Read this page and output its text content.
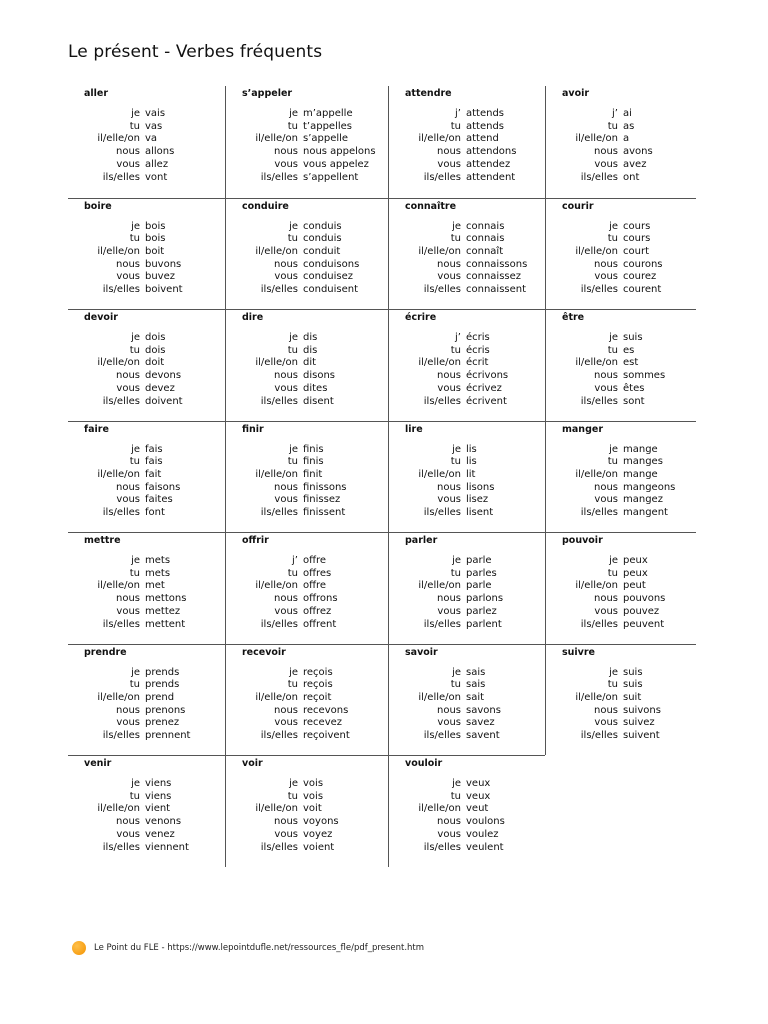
Le présent - Verbes fréquents
aller
je vais
tu vas
il/elle/on va
nous allons
vous allez
ils/elles vont
s’appeler
je m’appelle
tu t’appelles
il/elle/on s’appelle
nous nous appelons
vous vous appelez
ils/elles s’appellent
attendre
j’ attends
tu attends
il/elle/on attend
nous attendons
vous attendez
ils/elles attendent
avoir
j’ ai
tu as
il/elle/on a
nous avons
vous avez
ils/elles ont
boire
je bois
tu bois
il/elle/on boit
nous buvons
vous buvez
ils/elles boivent
conduire
je conduis
tu conduis
il/elle/on conduit
nous conduisons
vous conduisez
ils/elles conduisent
connaître
je connais
tu connais
il/elle/on connaît
nous connaissons
vous connaissez
ils/elles connaissent
courir
je cours
tu cours
il/elle/on court
nous courons
vous courez
ils/elles courent
devoir
je dois
tu dois
il/elle/on doit
nous devons
vous devez
ils/elles doivent
dire
je dis
tu dis
il/elle/on dit
nous disons
vous dites
ils/elles disent
écrire
j’ écris
tu écris
il/elle/on écrit
nous écrivons
vous écrivez
ils/elles écrivent
être
je suis
tu es
il/elle/on est
nous sommes
vous êtes
ils/elles sont
faire
je fais
tu fais
il/elle/on fait
nous faisons
vous faites
ils/elles font
finir
je finis
tu finis
il/elle/on finit
nous finissons
vous finissez
ils/elles finissent
lire
je lis
tu lis
il/elle/on lit
nous lisons
vous lisez
ils/elles lisent
manger
je mange
tu manges
il/elle/on mange
nous mangeons
vous mangez
ils/elles mangent
mettre
je mets
tu mets
il/elle/on met
nous mettons
vous mettez
ils/elles mettent
offrir
j’ offre
tu offres
il/elle/on offre
nous offrons
vous offrez
ils/elles offrent
parler
je parle
tu parles
il/elle/on parle
nous parlons
vous parlez
ils/elles parlent
pouvoir
je peux
tu peux
il/elle/on peut
nous pouvons
vous pouvez
ils/elles peuvent
prendre
je prends
tu prends
il/elle/on prend
nous prenons
vous prenez
ils/elles prennent
recevoir
je reçois
tu reçois
il/elle/on reçoit
nous recevons
vous recevez
ils/elles reçoivent
savoir
je sais
tu sais
il/elle/on sait
nous savons
vous savez
ils/elles savent
suivre
je suis
tu suis
il/elle/on suit
nous suivons
vous suivez
ils/elles suivent
venir
je viens
tu viens
il/elle/on vient
nous venons
vous venez
ils/elles viennent
voir
je vois
tu vois
il/elle/on voit
nous voyons
vous voyez
ils/elles voient
vouloir
je veux
tu veux
il/elle/on veut
nous voulons
vous voulez
ils/elles veulent
Le Point du FLE - https://www.lepointdufle.net/ressources_fle/pdf_present.htm
